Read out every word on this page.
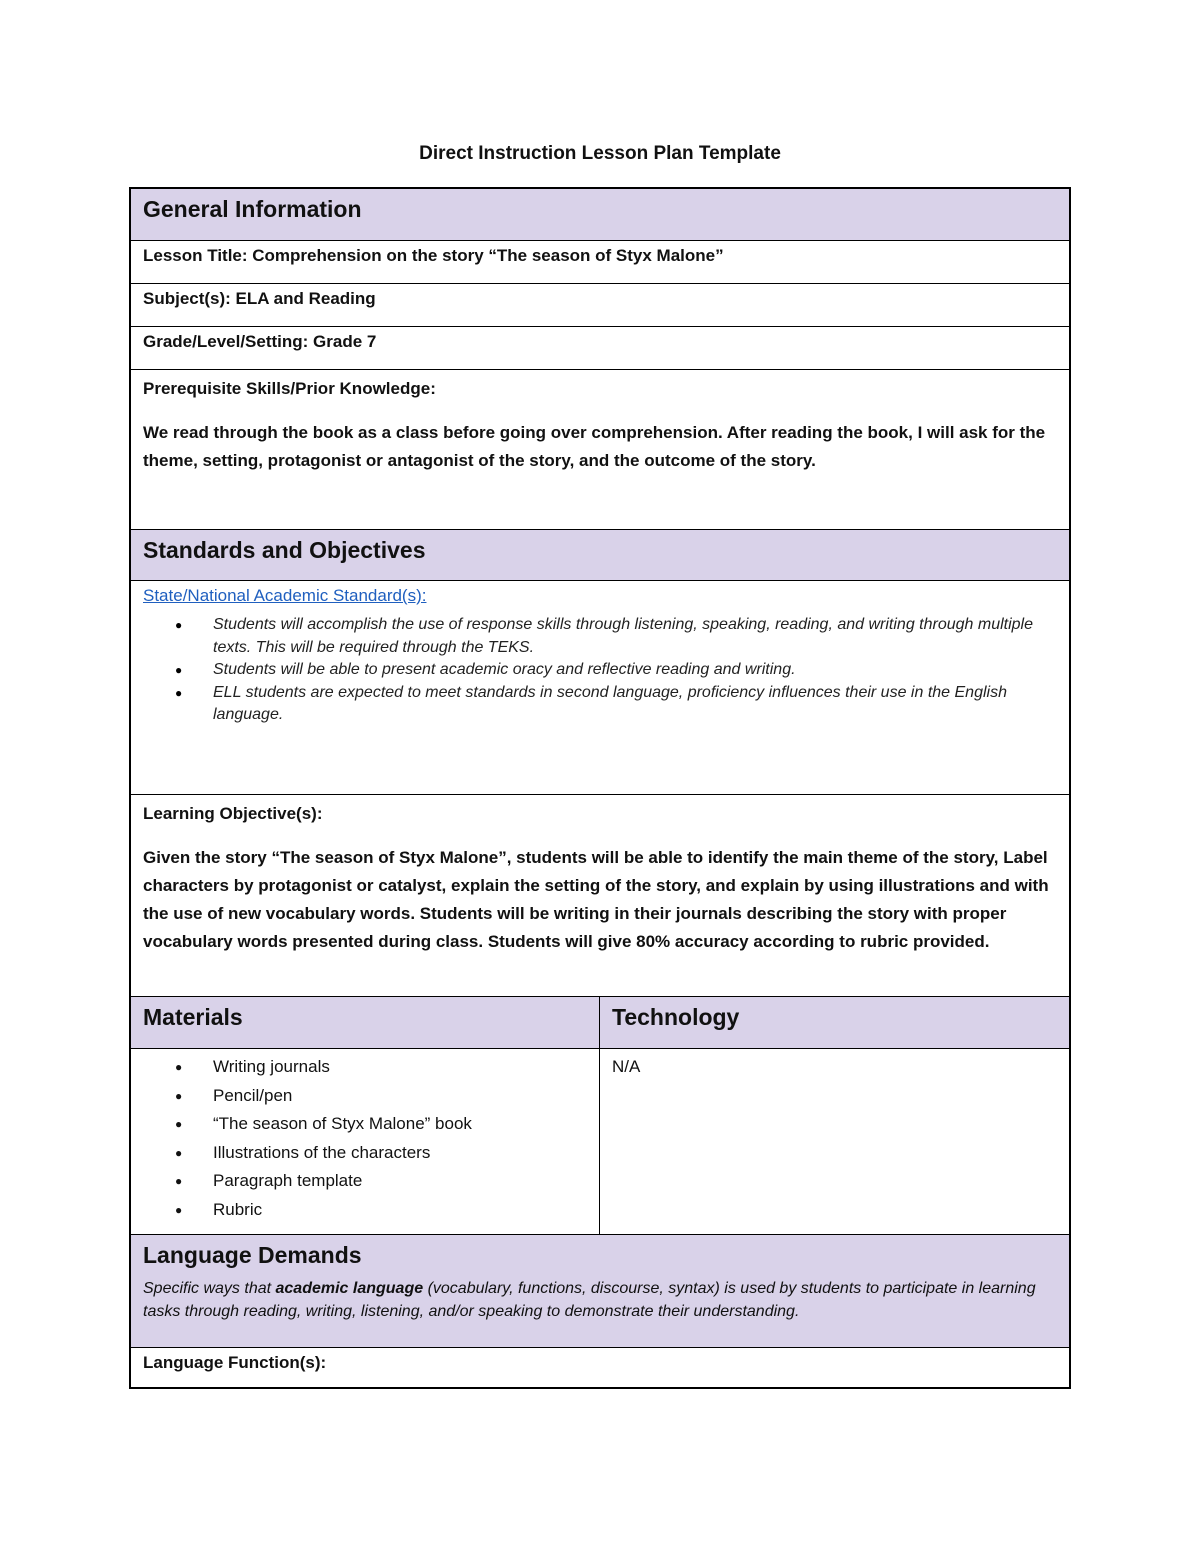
Direct Instruction Lesson Plan Template
General Information
Lesson Title: Comprehension on the story “The season of Styx Malone”
Subject(s): ELA and Reading
Grade/Level/Setting: Grade 7
Prerequisite Skills/Prior Knowledge:
We read through the book as a class before going over comprehension. After reading the book, I will ask for the theme, setting, protagonist or antagonist of the story, and the outcome of the story.
Standards and Objectives
State/National Academic Standard(s):
● Students will accomplish the use of response skills through listening, speaking, reading, and writing through multiple texts. This will be required through the TEKS.
● Students will be able to present academic oracy and reflective reading and writing.
● ELL students are expected to meet standards in second language, proficiency influences their use in the English language.
Learning Objective(s):
Given the story “The season of Styx Malone”, students will be able to identify the main theme of the story, Label characters by protagonist or catalyst, explain the setting of the story, and explain by using illustrations and with the use of new vocabulary words. Students will be writing in their journals describing the story with proper vocabulary words presented during class. Students will give 80% accuracy according to rubric provided.
Materials	Technology
● Writing journals
● Pencil/pen
● “The season of Styx Malone” book
● Illustrations of the characters
● Paragraph template
● Rubric
N/A
Language Demands
Specific ways that academic language (vocabulary, functions, discourse, syntax) is used by students to participate in learning tasks through reading, writing, listening, and/or speaking to demonstrate their understanding.
Language Function(s):
